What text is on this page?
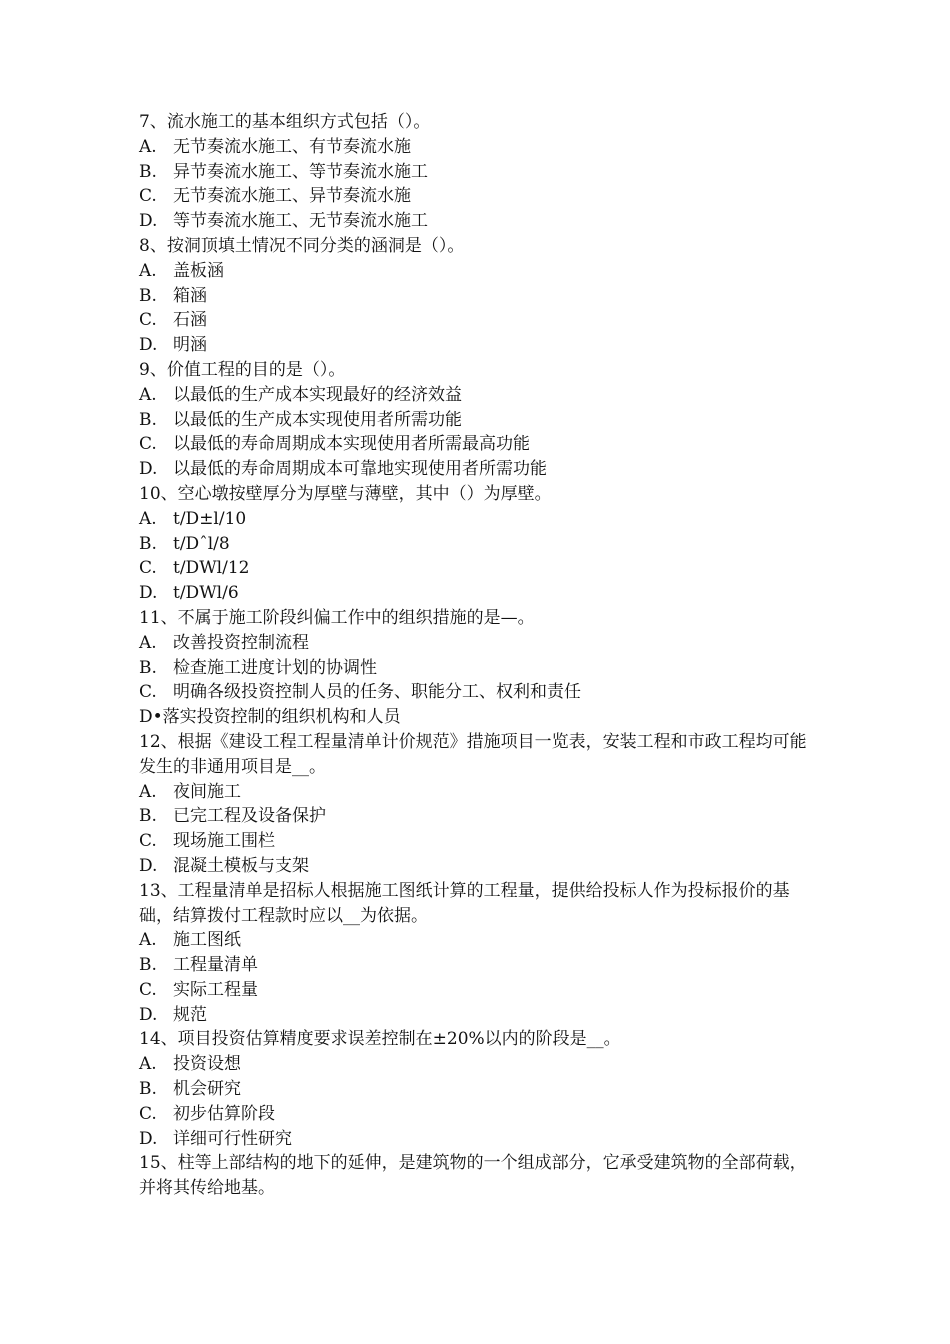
7、流水施工的基本组织方式包括（）。
A. 无节奏流水施工、有节奏流水施
B. 异节奏流水施工、等节奏流水施工
C. 无节奏流水施工、异节奏流水施
D. 等节奏流水施工、无节奏流水施工
8、按洞顶填土情况不同分类的涵洞是（）。
A. 盖板涵
B. 箱涵
C. 石涵
D. 明涵
9、价值工程的目的是（）。
A. 以最低的生产成本实现最好的经济效益
B. 以最低的生产成本实现使用者所需功能
C. 以最低的寿命周期成本实现使用者所需最高功能
D. 以最低的寿命周期成本可靠地实现使用者所需功能
10、空心墩按壁厚分为厚壁与薄壁，其中（）为厚壁。
A. t/D±l/10
B. t/Dˆl/8
C. t/DWl/12
D. t/DWl/6
11、不属于施工阶段纠偏工作中的组织措施的是—。
A. 改善投资控制流程
B. 检查施工进度计划的协调性
C. 明确各级投资控制人员的任务、职能分工、权利和责任
D• 落实投资控制的组织机构和人员
12、根据《建设工程工程量清单计价规范》措施项目一览表，安装工程和市政工程均可能发生的非通用项目是__。
A. 夜间施工
B. 已完工程及设备保护
C. 现场施工围栏
D. 混凝土模板与支架
13、工程量清单是招标人根据施工图纸计算的工程量，提供给投标人作为投标报价的基础，结算拨付工程款时应以__为依据。
A. 施工图纸
B. 工程量清单
C. 实际工程量
D. 规范
14、项目投资估算精度要求误差控制在±20%以内的阶段是__。
A. 投资设想
B. 机会研究
C. 初步估算阶段
D. 详细可行性研究
15、柱等上部结构的地下的延伸，是建筑物的一个组成部分，它承受建筑物的全部荷载，并将其传给地基。
